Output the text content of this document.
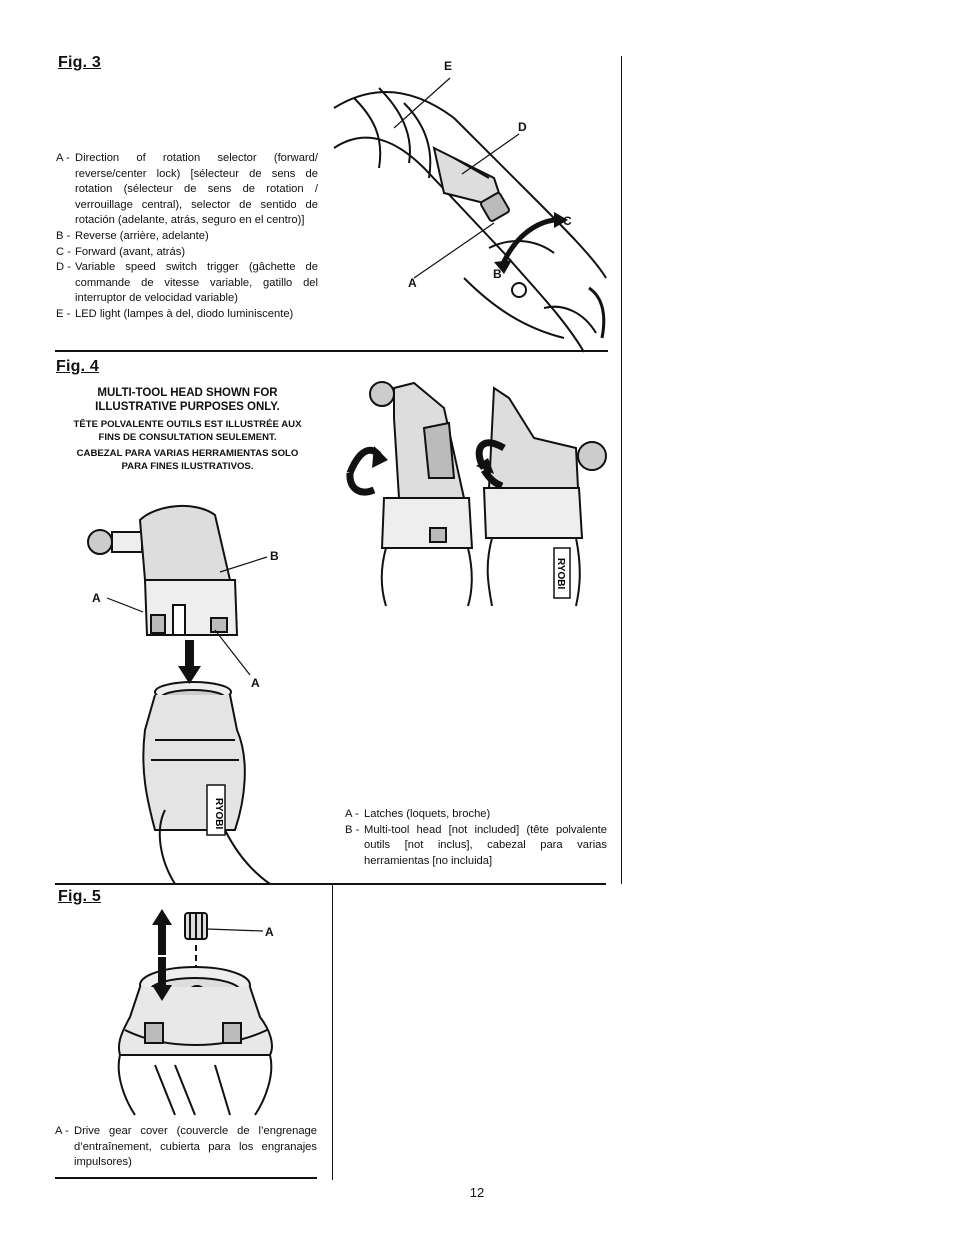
Fig. 3
A - Direction of rotation selector (forward/ reverse/center lock) [sélecteur de sens de rotation (sélecteur de sens de rotation / verrouillage central), selector de sentido de rotación (adelante, atrás, seguro en el centro)]
B - Reverse (arrière, adelante)
C - Forward (avant, atrás)
D - Variable speed switch trigger (gâchette de commande de vitesse variable, gatillo del interruptor de velocidad variable)
E - LED light (lampes à del, diodo luminiscente)
E
D
C
B
A
Fig. 4
MULTI-TOOL HEAD SHOWN FOR
ILLUSTRATIVE PURPOSES ONLY.
TÊTE POLVALENTE OUTILS EST ILLUSTRÉE AUX
FINS DE CONSULTATION SEULEMENT.
CABEZAL PARA VARIAS HERRAMIENTAS SOLO
PARA FINES ILUSTRATIVOS.
RYOBI
B
A
A
RYOBI
A - Latches (loquets, broche)
B - Multi-tool head [not included] (tête polvalente outils [not inclus], cabezal para varias herramientas [no incluida]
Fig. 5
A
A - Drive gear cover (couvercle de l’engrenage d’entraînement, cubierta para los engranajes impulsores)
12
